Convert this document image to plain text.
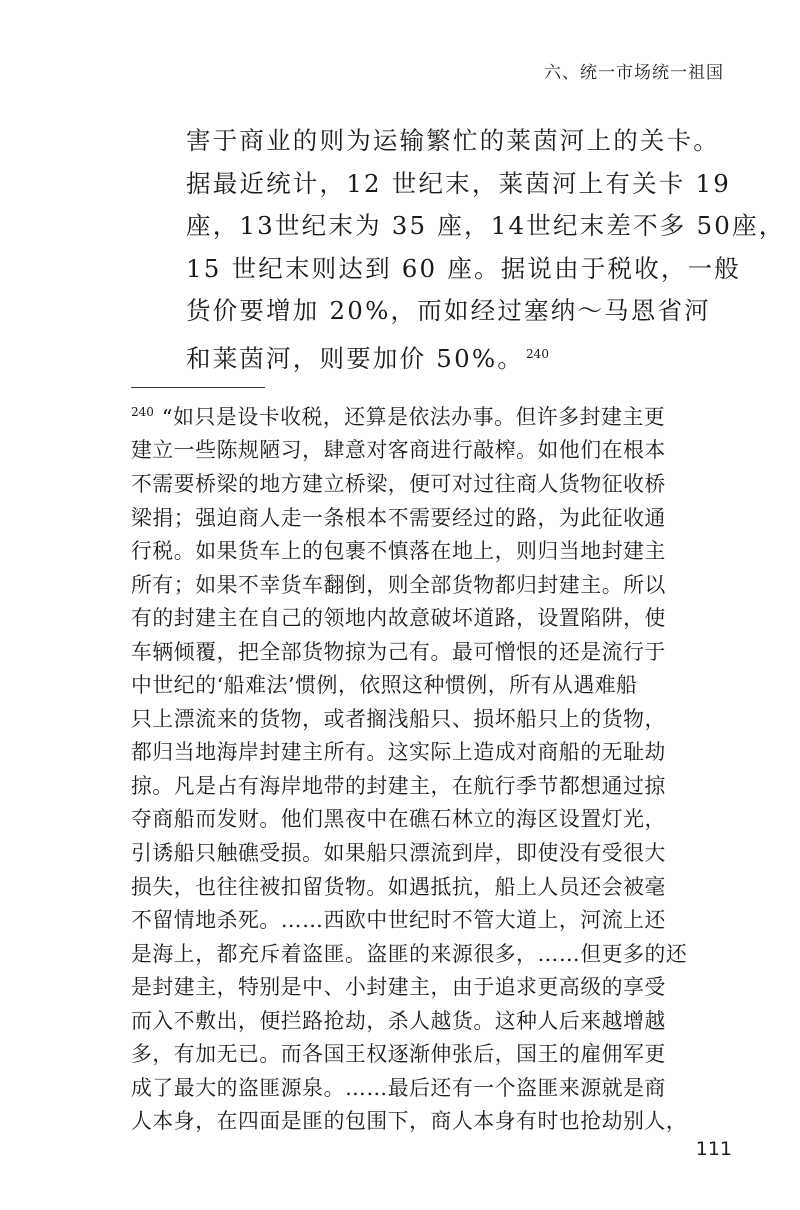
六、统一市场统一祖国
害于商业的则为运输繁忙的莱茵河上的关卡。
据最近统计，12 世纪末，莱茵河上有关卡 19
座，13世纪末为 35 座，14世纪末差不多 50座，
15 世纪末则达到 60 座。据说由于税收，一般
货价要增加 20%，而如经过塞纳～马恩省河
和莱茵河，则要加价 50%。 $^{240}$
$^{240}$ “如只是设卡收税，还算是依法办事。但许多封建主更
建立一些陈规陋习，肆意对客商进行敲榨。如他们在根本
不需要桥梁的地方建立桥梁，便可对过往商人货物征收桥
梁捐；强迫商人走一条根本不需要经过的路，为此征收通
行税。如果货车上的包裹不慎落在地上，则归当地封建主
所有；如果不幸货车翻倒，则全部货物都归封建主。所以
有的封建主在自己的领地内故意破坏道路，设置陷阱，使
车辆倾覆，把全部货物掠为己有。最可憎恨的还是流行于
中世纪的‘船难法’惯例，依照这种惯例，所有从遇难船
只上漂流来的货物，或者搁浅船只、损坏船只上的货物，
都归当地海岸封建主所有。这实际上造成对商船的无耻劫
掠。凡是占有海岸地带的封建主，在航行季节都想通过掠
夺商船而发财。他们黑夜中在礁石林立的海区设置灯光，
引诱船只触礁受损。如果船只漂流到岸，即使没有受很大
损失，也往往被扣留货物。如遇抵抗，船上人员还会被毫
不留情地杀死。……西欧中世纪时不管大道上，河流上还
是海上，都充斥着盗匪。盗匪的来源很多，……但更多的还
是封建主，特别是中、小封建主，由于追求更高级的享受
而入不敷出，便拦路抢劫，杀人越货。这种人后来越增越
多，有加无已。而各国王权逐渐伸张后，国王的雇佣军更
成了最大的盗匪源泉。……最后还有一个盗匪来源就是商
人本身，在四面是匪的包围下，商人本身有时也抢劫别人，
111
